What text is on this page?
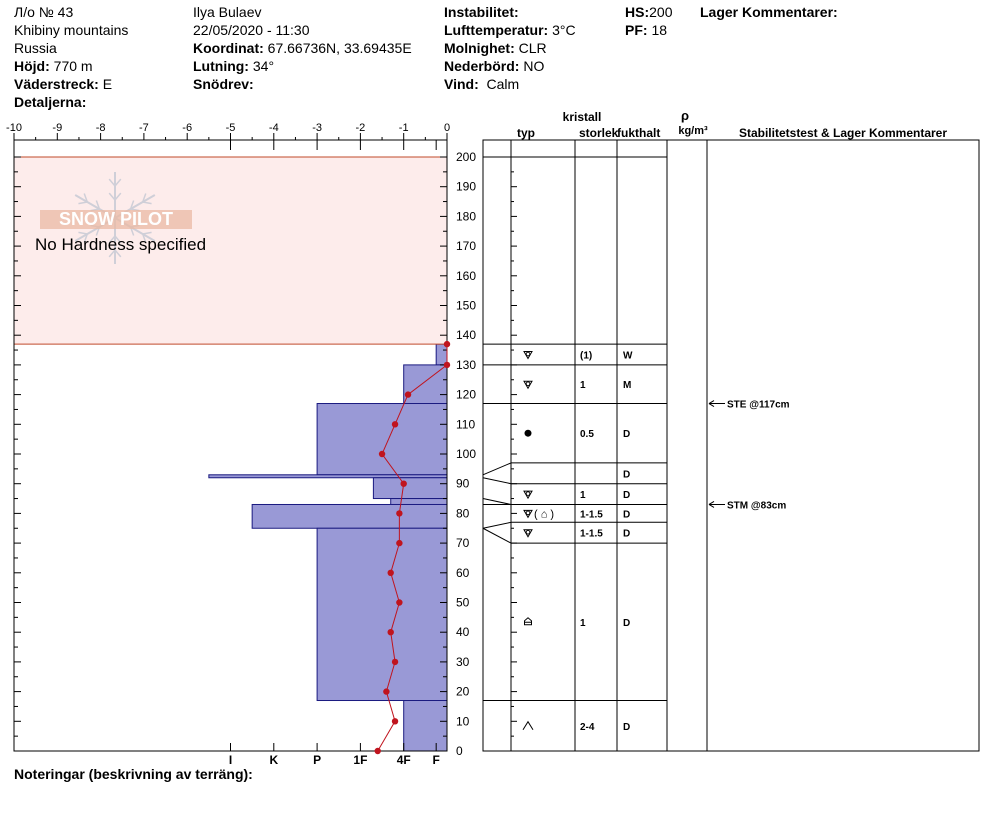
Л/о № 43
Khibiny mountains
Russia
Höjd: 770 m
Väderstreck: E
Detaljerna:
Ilya Bulaev
22/05/2020 - 11:30
Koordinat: 67.66736N, 33.69435E
Lutning: 34°
Snödrev:
Instabilitet:
Lufttemperatur: 3°C
Molnighet: CLR
Nederbörd: NO
Vind:  Calm
HS:200
PF: 18
Lager Kommentarer:
Noteringar (beskrivning av terräng):
SNOW PILOT
No Hardness specified
-10	-9	-8	-7	-6	-5	-4	-3	-2	-1	0
0
10
20
30
40
50
60
70
80
90
100
110
120
130
140
150
160
170
180
190
200
I	K	P	1F 4F F
kristall
typ	storlek
fukthalt
ρ
kg/m³	Stabilitetstest & Lager Kommentarer
(1)	W
1	M
0.5	D
D
1	D
( ⌂ )	1-1.5 D
1-1.5 D
1	D
2-4	D
STE @117cm
STM @83cm
